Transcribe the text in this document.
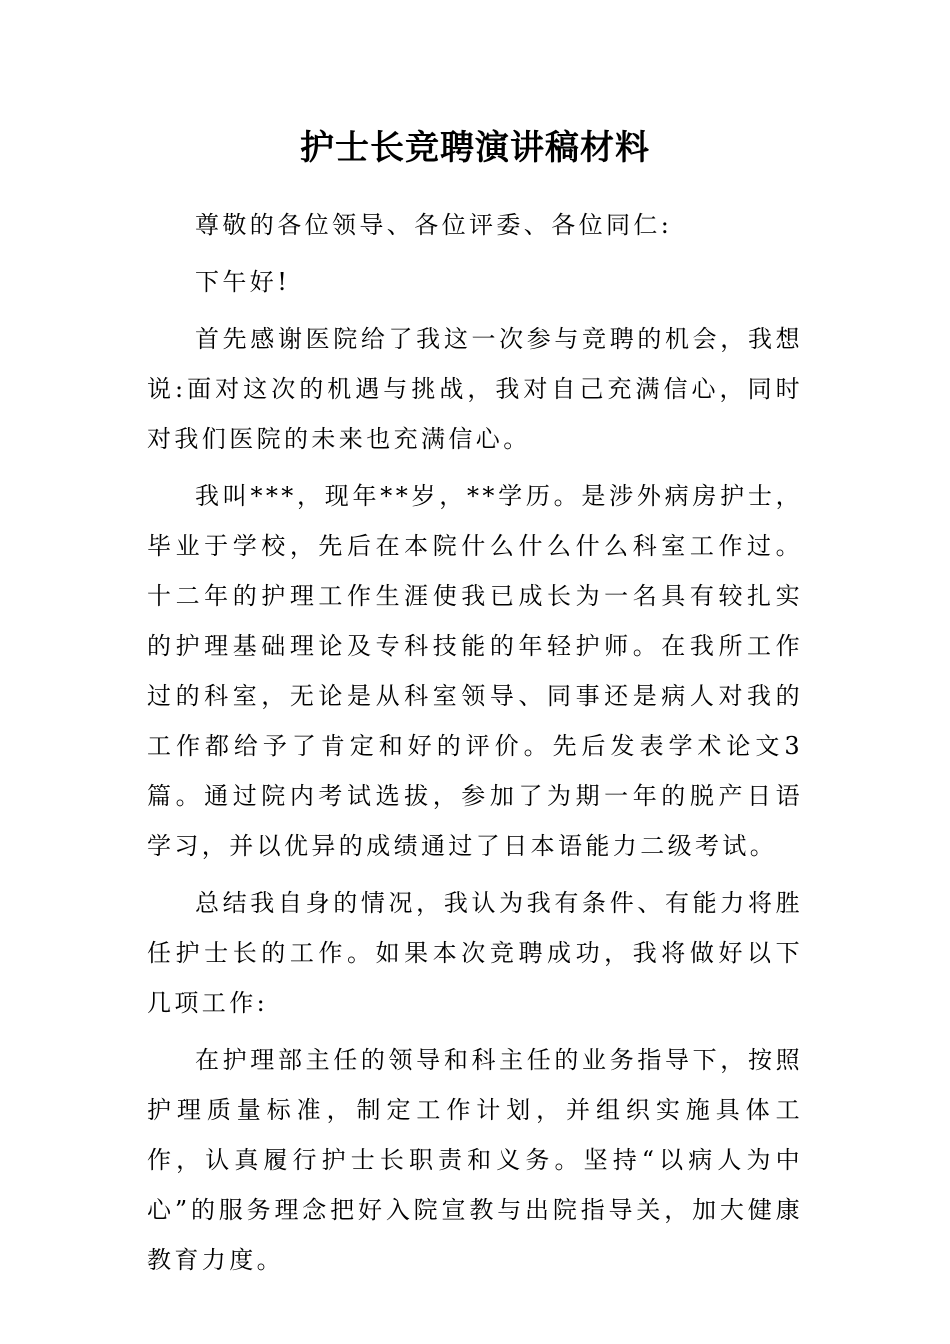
护士长竞聘演讲稿材料

尊敬的各位领导、各位评委、各位同仁:

下午好!

首先感谢医院给了我这一次参与竞聘的机会，我想说:面对这次的机遇与挑战，我对自己充满信心，同时对我们医院的未来也充满信心。

我叫***，现年**岁，**学历。是涉外病房护士，毕业于学校，先后在本院什么什么什么科室工作过。十二年的护理工作生涯使我已成长为一名具有较扎实的护理基础理论及专科技能的年轻护师。在我所工作过的科室，无论是从科室领导、同事还是病人对我的工作都给予了肯定和好的评价。先后发表学术论文3篇。通过院内考试选拔，参加了为期一年的脱产日语学习，并以优异的成绩通过了日本语能力二级考试。

总结我自身的情况，我认为我有条件、有能力将胜任护士长的工作。如果本次竞聘成功，我将做好以下几项工作:

在护理部主任的领导和科主任的业务指导下，按照护理质量标准，制定工作计划，并组织实施具体工作，认真履行护士长职责和义务。坚持“以病人为中心”的服务理念把好入院宣教与出院指导关，加大健康教育力度。
